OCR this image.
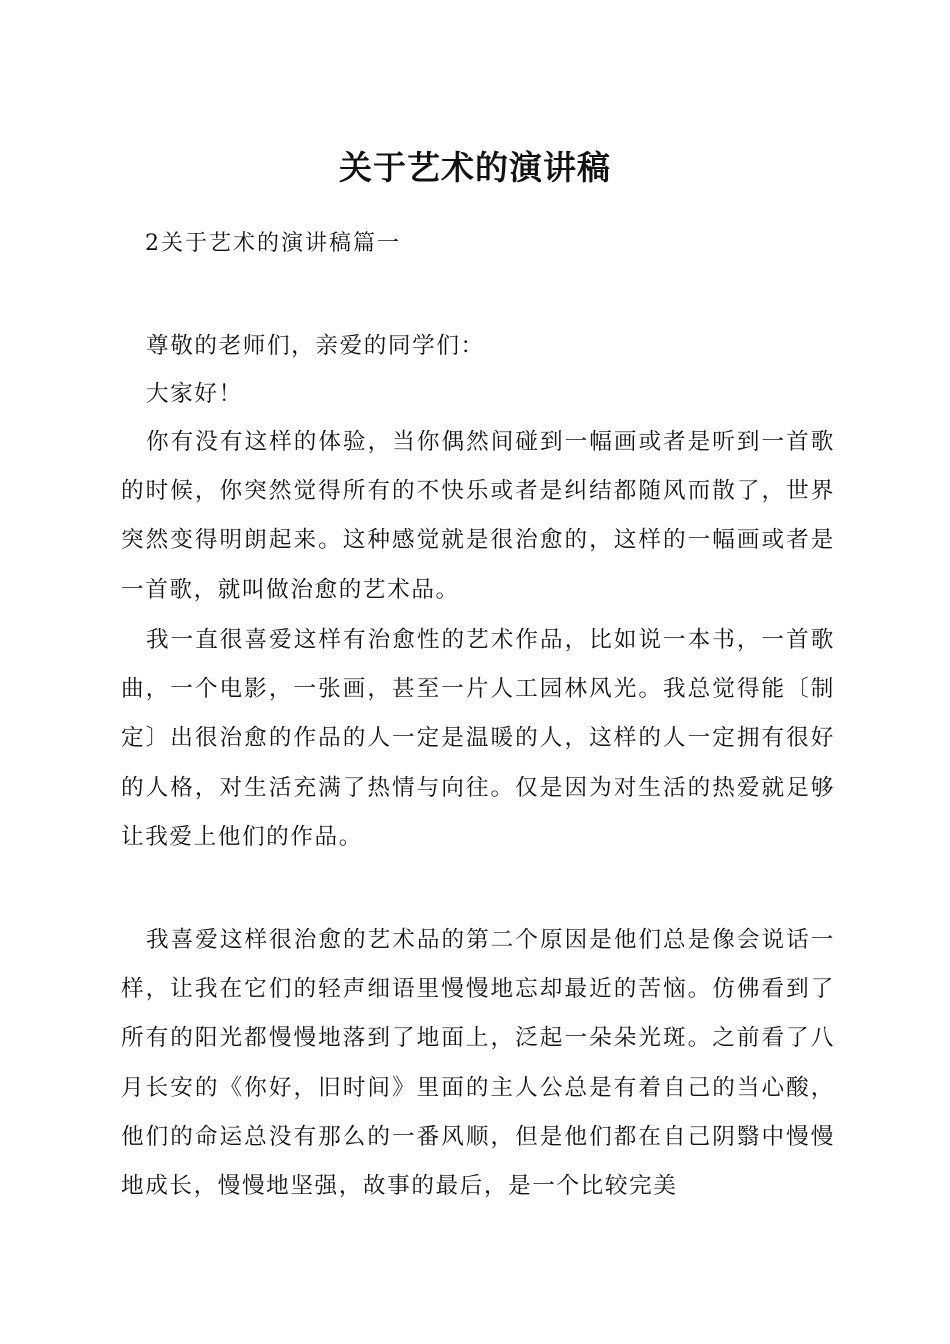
关于艺术的演讲稿

2关于艺术的演讲稿篇一

尊敬的老师们，亲爱的同学们：

大家好！

你有没有这样的体验，当你偶然间碰到一幅画或者是听到一首歌的时候，你突然觉得所有的不快乐或者是纠结都随风而散了，世界突然变得明朗起来。这种感觉就是很治愈的，这样的一幅画或者是一首歌，就叫做治愈的艺术品。

我一直很喜爱这样有治愈性的艺术作品，比如说一本书，一首歌曲，一个电影，一张画，甚至一片人工园林风光。我总觉得能〔制定〕出很治愈的作品的人一定是温暖的人，这样的人一定拥有很好的人格，对生活充满了热情与向往。仅是因为对生活的热爱就足够让我爱上他们的作品。

我喜爱这样很治愈的艺术品的第二个原因是他们总是像会说话一样，让我在它们的轻声细语里慢慢地忘却最近的苦恼。仿佛看到了所有的阳光都慢慢地落到了地面上，泛起一朵朵光斑。之前看了八月长安的《你好，旧时间》里面的主人公总是有着自己的当心酸，他们的命运总没有那么的一番风顺，但是他们都在自己阴翳中慢慢地成长，慢慢地坚强，故事的最后，是一个比较完美
